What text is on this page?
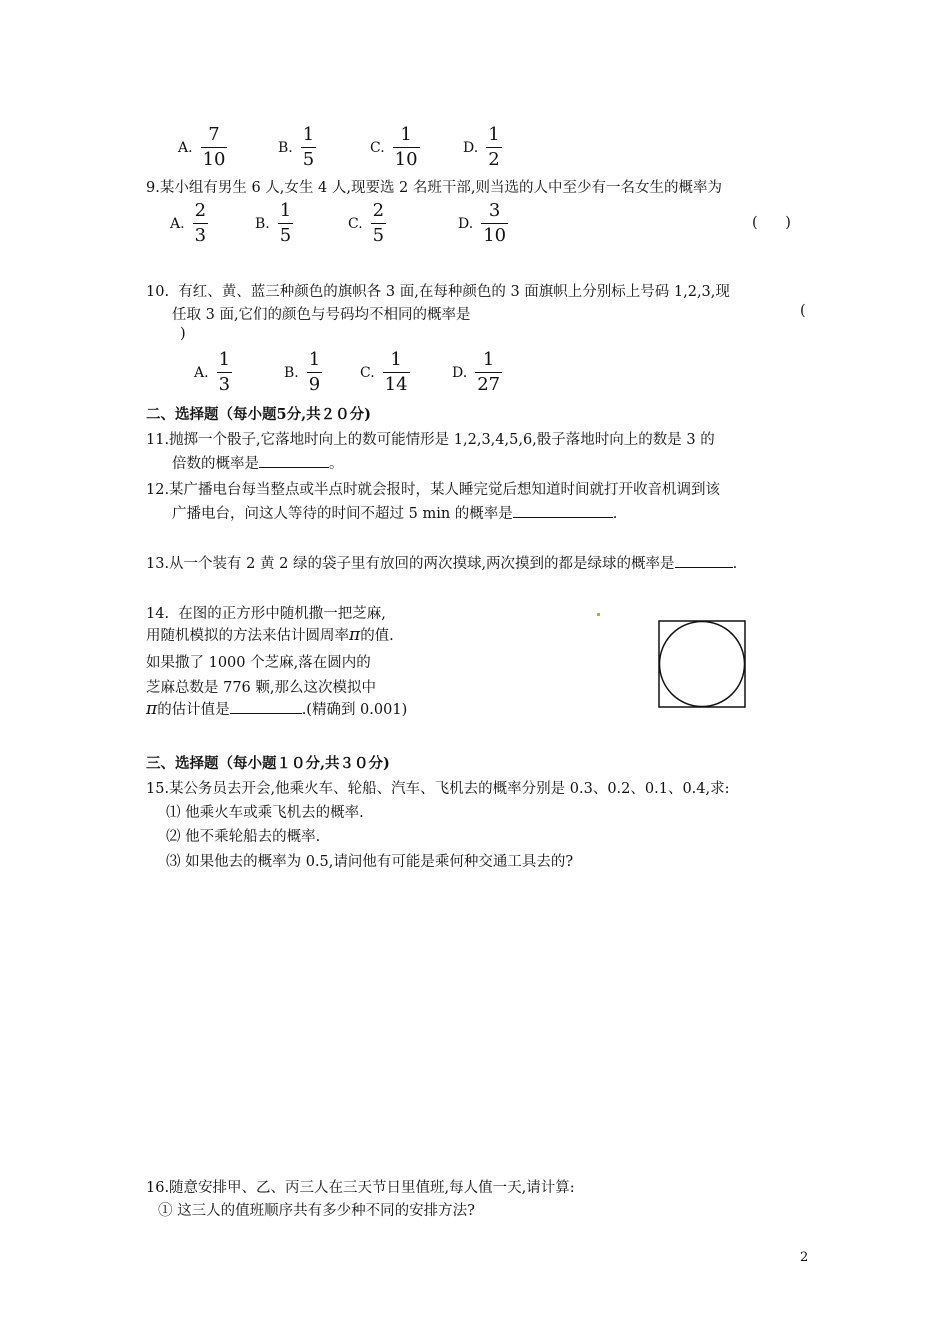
A. $\frac{7}{10}$	B. $\frac{1}{5}$	C. $\frac{1}{10}$	D. $\frac{1}{2}$
9.某小组有男生 6 人,女生 4 人,现要选 2 名班干部,则当选的人中至少有一名女生的概率为
A. $\frac{2}{3}$	B. $\frac{1}{5}$	C. $\frac{2}{5}$	D. $\frac{3}{10}$	(      )
10.  有红、黄、蓝三种颜色的旗帜各 3 面,在每种颜色的 3 面旗帜上分别标上号码 1,2,3,现
任取 3 面,它们的颜色与号码均不相同的概率是	(
)
A. $\frac{1}{3}$	B. $\frac{1}{9}$	C. $\frac{1}{14}$	D. $\frac{1}{27}$
二、选择题（每小题5分,共２０分)
11.抛掷一个骰子,它落地时向上的数可能情形是 1,2,3,4,5,6,骰子落地时向上的数是 3 的
倍数的概率是	。
12.某广播电台每当整点或半点时就会报时，某人睡完觉后想知道时间就打开收音机调到该
广播电台，问这人等待的时间不超过 5 min 的概率是	.
13.从一个装有 2 黄 2 绿的袋子里有放回的两次摸球,两次摸到的都是绿球的概率是	.
14.  在图的正方形中随机撒一把芝麻,
用随机模拟的方法来估计圆周率π的值.
如果撒了 1000 个芝麻,落在圆内的
芝麻总数是 776 颗,那么这次模拟中
π的估计值是	.(精确到 0.001)
三、选择题（每小题１０分,共３０分)
15.某公务员去开会,他乘火车、轮船、汽车、飞机去的概率分别是 0.3、0.2、0.1、0.4,求:
⑴ 他乘火车或乘飞机去的概率.
⑵ 他不乘轮船去的概率.
⑶ 如果他去的概率为 0.5,请问他有可能是乘何种交通工具去的?
16.随意安排甲、乙、丙三人在三天节日里值班,每人值一天,请计算:
① 这三人的值班顺序共有多少种不同的安排方法?
2
